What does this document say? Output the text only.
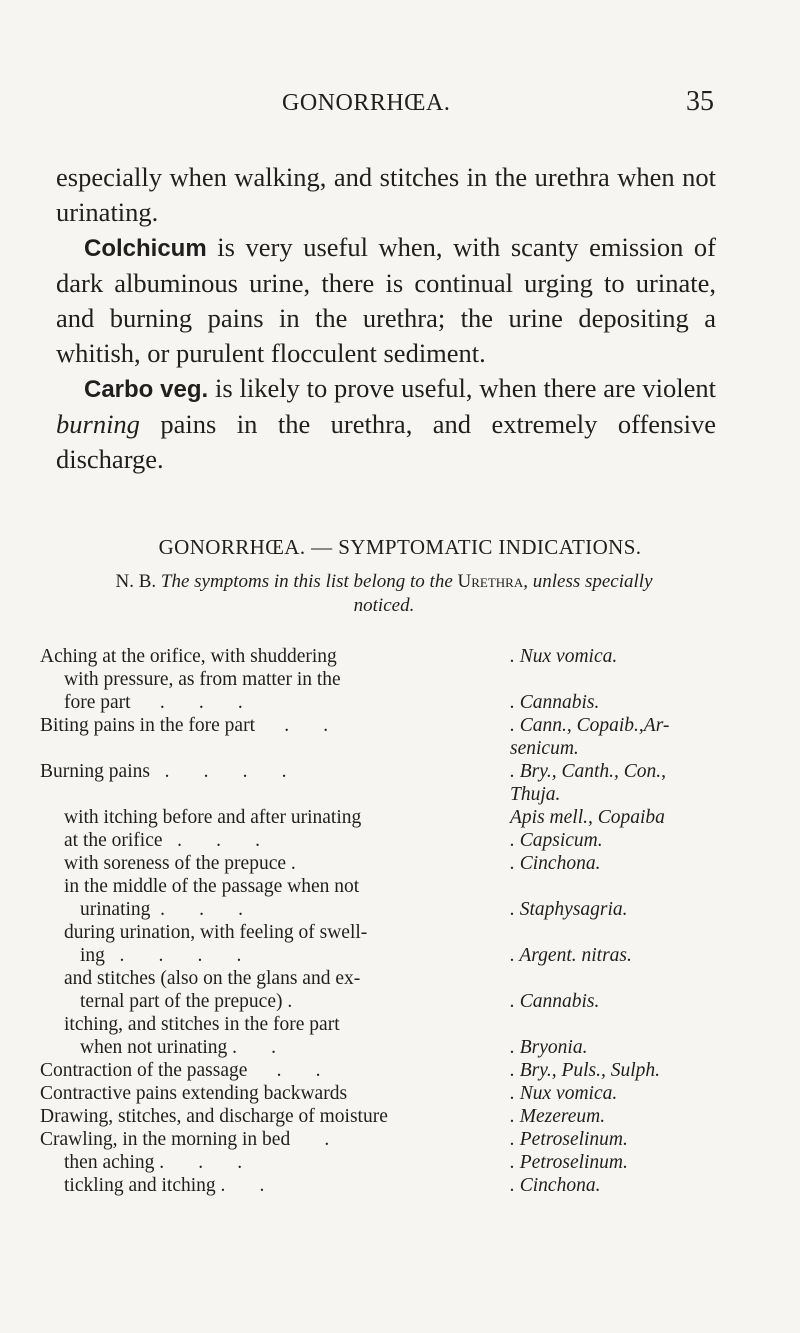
GONORRHŒA.	35

especially when walking, and stitches in the urethra when not urinating.

Colchicum is very useful when, with scanty emission of dark albuminous urine, there is continual urging to urinate, and burning pains in the urethra; the urine depositing a whitish, or purulent flocculent sediment.

Carbo veg. is likely to prove useful, when there are violent burning pains in the urethra, and extremely offensive discharge.

GONORRHŒA. — SYMPTOMATIC INDICATIONS.
N. B. The symptoms in this list belong to the Urethra, unless specially noticed.
Aching at the orifice, with shuddering	. Nux vomica.
with pressure, as from matter in the
fore part      .       .       .	. Cannabis.
Biting pains in the fore part      .       .	. Cann., Copaib.,Ar-
senicum.
Burning pains   .       .       .       .	. Bry., Canth., Con.,
Thuja.
with itching before and after urinating	Apis mell., Copaiba
at the orifice   .       .       .	. Capsicum.
with soreness of the prepuce .	. Cinchona.
in the middle of the passage when not
urinating  .       .       .	. Staphysagria.
during urination, with feeling of swell-
ing   .       .       .       .	. Argent. nitras.
and stitches (also on the glans and ex-
ternal part of the prepuce) .	. Cannabis.
itching, and stitches in the fore part
when not urinating .       .	. Bryonia.
Contraction of the passage      .       .	. Bry., Puls., Sulph.
Contractive pains extending backwards	. Nux vomica.
Drawing, stitches, and discharge of moisture	. Mezereum.
Crawling, in the morning in bed       .	. Petroselinum.
then aching .       .       .	. Petroselinum.
tickling and itching .       .	. Cinchona.
